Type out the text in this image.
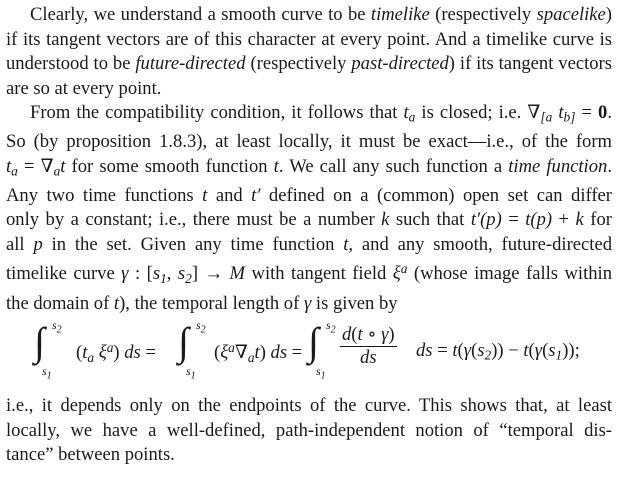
Clearly, we understand a smooth curve to be timelike (respectively spacelike)
if its tangent vectors are of this character at every point. And a timelike curve is
understood to be future-directed (respectively past-directed) if its tangent vectors
are so at every point.

From the compatibility condition, it follows that $t_a$ is closed; i.e. $\nabla_{[a}$ $t_{b]} = 0$.
So (by proposition 1.8.3), at least locally, it must be exact—i.e., of the form
$t_a = \nabla_at$ for some smooth function t. We call any such function a time function.
Any two time functions t and t′ defined on a (common) open set can differ
only by a constant; i.e., there must be a number k such that t′(p) = t(p) + k for
all p in the set. Given any time function t, and any smooth, future-directed
timelike curve γ : [$s_1$, $s_2] \to M$ with tangent field $\xi^a$ (whose image falls within
the domain of t), the temporal length of γ is given by

∫ $s_2$
$s_1$
($t_a$ $\xi^a$) ds = ∫ $s_2$
$s_1$
$(\xi^a\nabla_at)$ ds = ∫ $s_2$
$s_1$
$\frac{d(t \circ \gamma)}{ds}$ ds = $t(\gamma(s_2)) - t(\gamma(s_1))$;

i.e., it depends only on the endpoints of the curve. This shows that, at least
locally, we have a well-defined, path-independent notion of “temporal dis-
tance” between points.
